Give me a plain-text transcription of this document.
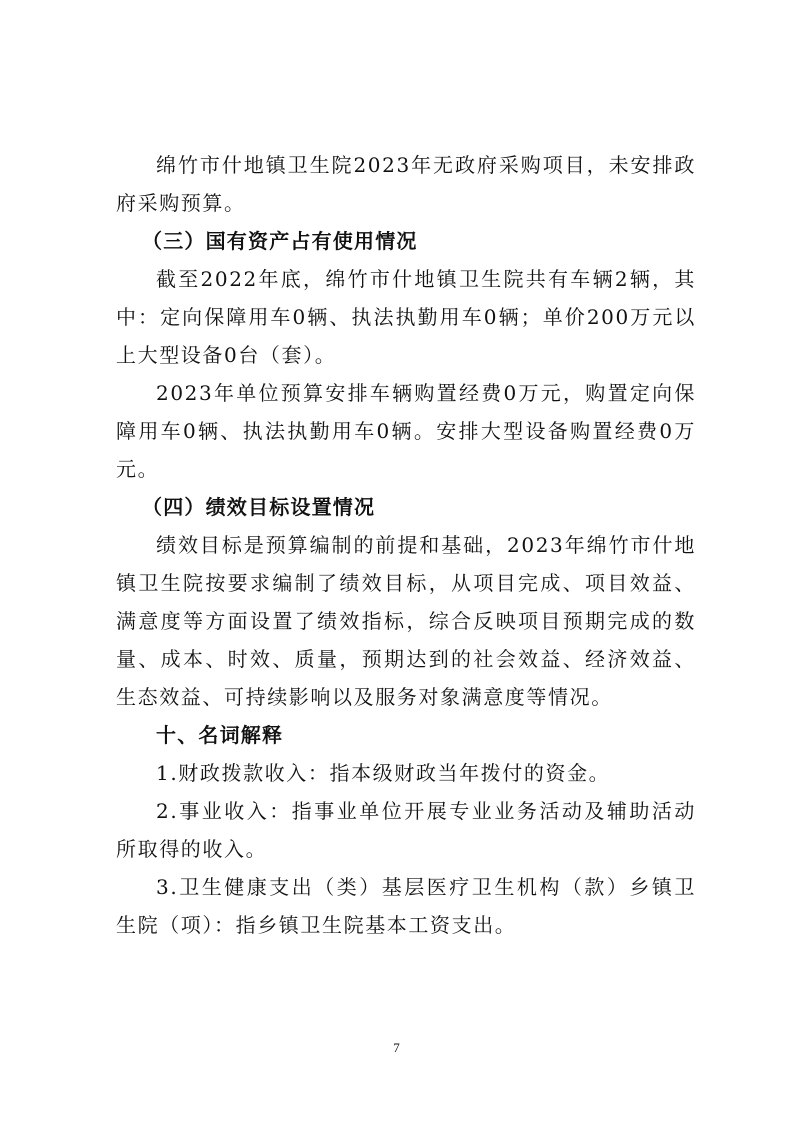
绵竹市什地镇卫生院2023年无政府采购项目，未安排政府采购预算。

（三）国有资产占有使用情况

截至2022年底，绵竹市什地镇卫生院共有车辆2辆，其中：定向保障用车0辆、执法执勤用车0辆；单价200万元以上大型设备0台（套）。

2023年单位预算安排车辆购置经费0万元，购置定向保障用车0辆、执法执勤用车0辆。安排大型设备购置经费0万元。

（四）绩效目标设置情况

绩效目标是预算编制的前提和基础，2023年绵竹市什地镇卫生院按要求编制了绩效目标，从项目完成、项目效益、满意度等方面设置了绩效指标，综合反映项目预期完成的数量、成本、时效、质量，预期达到的社会效益、经济效益、生态效益、可持续影响以及服务对象满意度等情况。

十、名词解释

1.财政拨款收入：指本级财政当年拨付的资金。

2.事业收入：指事业单位开展专业业务活动及辅助活动所取得的收入。

3.卫生健康支出（类）基层医疗卫生机构（款）乡镇卫生院（项）：指乡镇卫生院基本工资支出。

7
